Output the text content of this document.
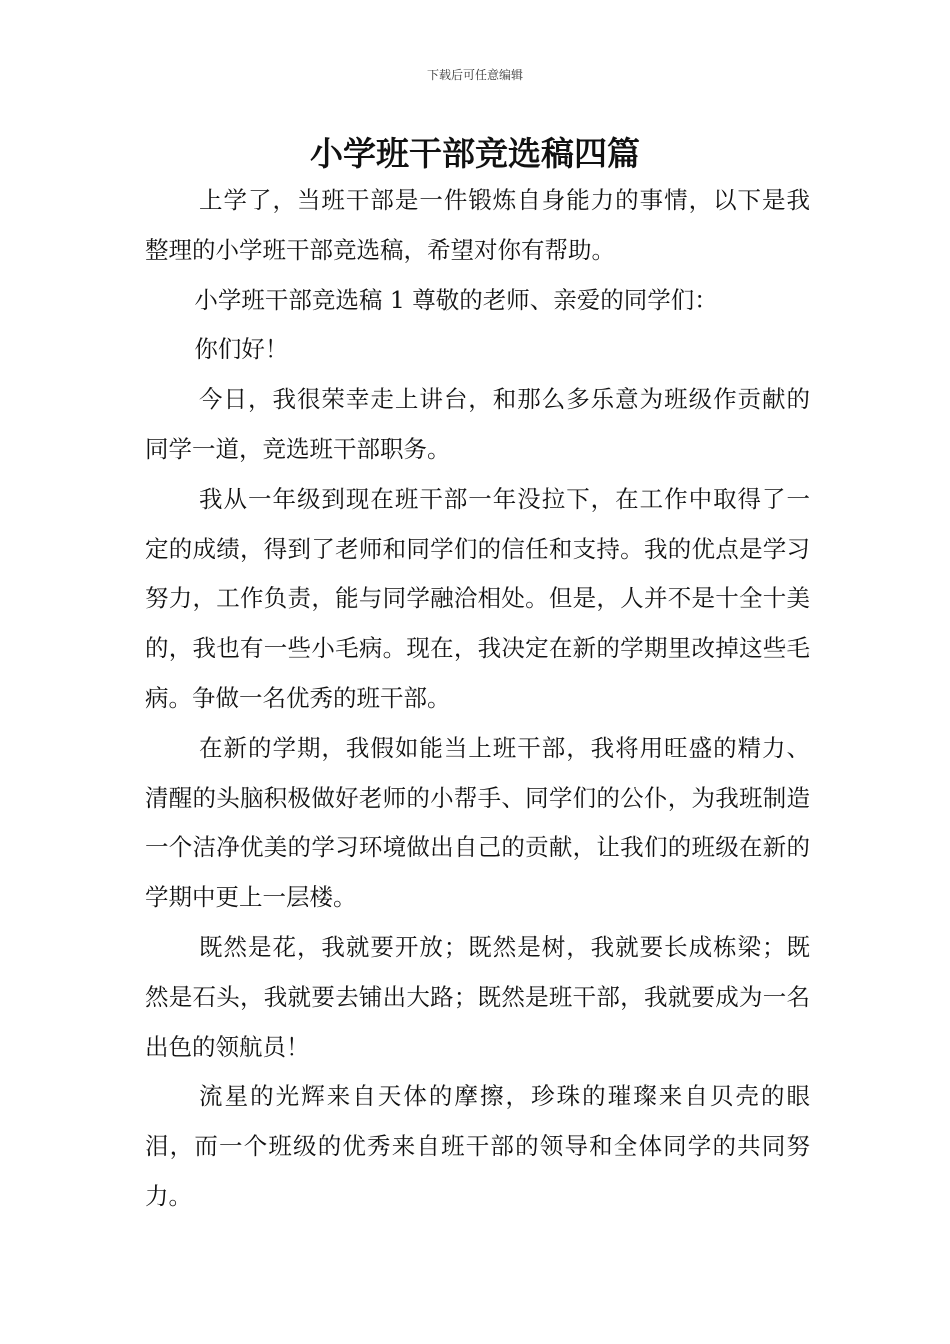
下载后可任意编辑
小学班干部竞选稿四篇

上学了，当班干部是一件锻炼自身能力的事情，以下是我整理的小学班干部竞选稿，希望对你有帮助。

小学班干部竞选稿 1 尊敬的老师、亲爱的同学们：

你们好！

今日，我很荣幸走上讲台，和那么多乐意为班级作贡献的同学一道，竞选班干部职务。

我从一年级到现在班干部一年没拉下，在工作中取得了一定的成绩，得到了老师和同学们的信任和支持。我的优点是学习努力，工作负责，能与同学融洽相处。但是，人并不是十全十美的，我也有一些小毛病。现在，我决定在新的学期里改掉这些毛病。争做一名优秀的班干部。

在新的学期，我假如能当上班干部，我将用旺盛的精力、清醒的头脑积极做好老师的小帮手、同学们的公仆，为我班制造一个洁净优美的学习环境做出自己的贡献，让我们的班级在新的学期中更上一层楼。

既然是花，我就要开放；既然是树，我就要长成栋梁；既然是石头，我就要去铺出大路；既然是班干部，我就要成为一名出色的领航员！

流星的光辉来自天体的摩擦，珍珠的璀璨来自贝壳的眼泪，而一个班级的优秀来自班干部的领导和全体同学的共同努力。
